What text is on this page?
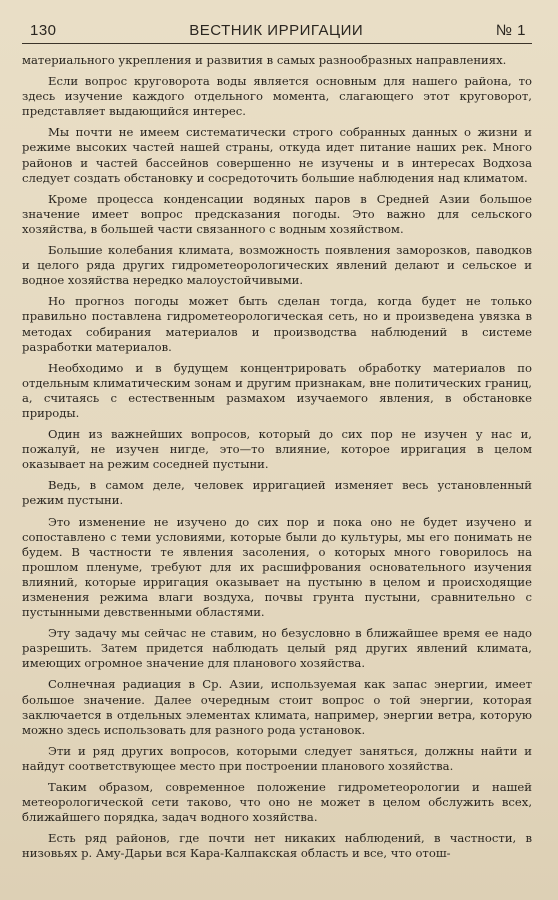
130	ВЕСТНИК ИРРИГАЦИИ	№ 1

материального укрепления и развития в самых разнообразных направлениях.

Если вопрос круговорота воды является основным для нашего района, то здесь изучение каждого отдельного момента, слагающего этот круговорот, представляет выдающийся интерес.

Мы почти не имеем систематически строго собранных данных о жизни и режиме высоких частей нашей страны, откуда идет питание наших рек. Много районов и частей бассейнов совершенно не изучены и в интересах Водхоза следует создать обстановку и сосредоточить большие наблюдения над климатом.

Кроме процесса конденсации водяных паров в Средней Азии большое значение имеет вопрос предсказания погоды. Это важно для сельского хозяйства, в большей части связанного с водным хозяйством.

Большие колебания климата, возможность появления заморозков, паводков и целого ряда других гидрометеорологических явлений делают и сельское и водное хозяйства нередко малоустойчивыми.

Но прогноз погоды может быть сделан тогда, когда будет не только правильно поставлена гидрометеорологическая сеть, но и произведена увязка в методах собирания материалов и производства наблюдений в системе разработки материалов.

Необходимо и в будущем концентрировать обработку материалов по отдельным климатическим зонам и другим признакам, вне политических границ, а, считаясь с естественным размахом изучаемого явления, в обстановке природы.

Один из важнейших вопросов, который до сих пор не изучен у нас и, пожалуй, не изучен нигде, это—то влияние, которое ирригация в целом оказывает на режим соседней пустыни.

Ведь, в самом деле, человек ирригацией изменяет весь установленный режим пустыни.

Это изменение не изучено до сих пор и пока оно не будет изучено и сопоставлено с теми условиями, которые были до культуры, мы его понимать не будем. В частности те явления засоления, о которых много говорилось на прошлом пленуме, требуют для их расшифрования основательного изучения влияний, которые ирригация оказывает на пустыню в целом и происходящие изменения режима влаги воздуха, почвы грунта пустыни, сравнительно с пустынными девственными областями.

Эту задачу мы сейчас не ставим, но безусловно в ближайшее время ее надо разрешить. Затем придется наблюдать целый ряд других явлений климата, имеющих огромное значение для планового хозяйства.

Солнечная радиация в Ср. Азии, используемая как запас энергии, имеет большое значение. Далее очередным стоит вопрос о той энергии, которая заключается в отдельных элементах климата, например, энергии ветра, которую можно здесь использовать для разного рода установок.

Эти и ряд других вопросов, которыми следует заняться, должны найти и найдут соответствующее место при построении планового хозяйства.

Таким образом, современное положение гидрометеорологии и нашей метеорологической сети таково, что оно не может в целом обслужить всех, ближайшего порядка, задач водного хозяйства.

Есть ряд районов, где почти нет никаких наблюдений, в частности, в низовьях р. Аму-Дарьи вся Кара-Калпакская область и все, что отош-
